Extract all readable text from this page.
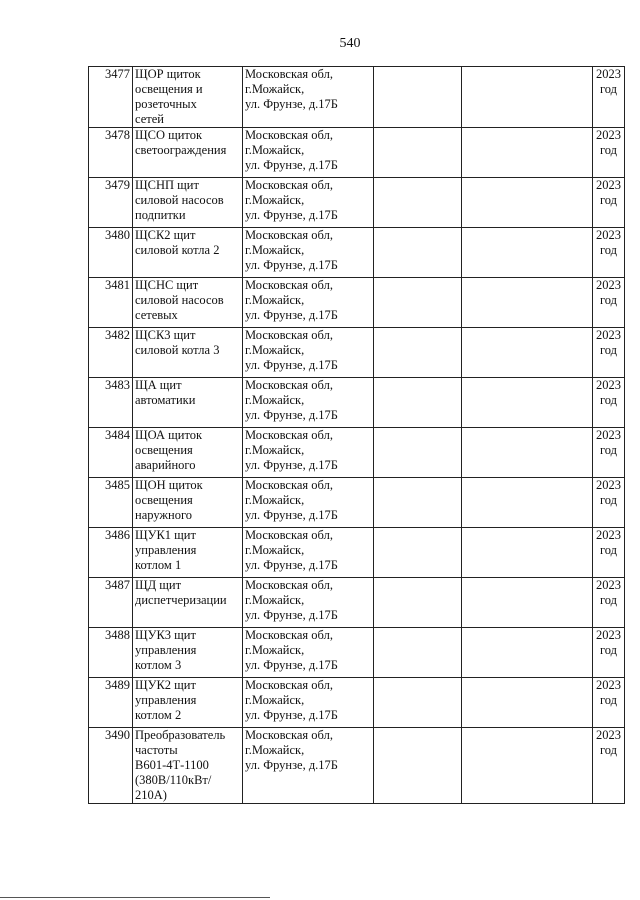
540
3477	ЩОР щиток
освещения и
розеточных
сетей	Московская обл,
г.Можайск,
ул. Фрунзе, д.17Б			2023
год

3478	ЩСО щиток
светоограждения	Московская обл,
г.Можайск,
ул. Фрунзе, д.17Б			2023
год

3479	ЩСНП щит
силовой насосов
подпитки	Московская обл,
г.Можайск,
ул. Фрунзе, д.17Б			2023
год

3480	ЩСК2 щит
силовой котла 2	Московская обл,
г.Можайск,
ул. Фрунзе, д.17Б			2023
год

3481	ЩСНС щит
силовой насосов
сетевых	Московская обл,
г.Можайск,
ул. Фрунзе, д.17Б			2023
год

3482	ЩСК3 щит
силовой котла 3	Московская обл,
г.Можайск,
ул. Фрунзе, д.17Б			2023
год

3483	ЩА щит
автоматики	Московская обл,
г.Можайск,
ул. Фрунзе, д.17Б			2023
год

3484	ЩОА щиток
освещения
аварийного	Московская обл,
г.Можайск,
ул. Фрунзе, д.17Б			2023
год

3485	ЩОН щиток
освещения
наружного	Московская обл,
г.Можайск,
ул. Фрунзе, д.17Б			2023
год

3486	ЩУК1 щит
управления
котлом 1	Московская обл,
г.Можайск,
ул. Фрунзе, д.17Б			2023
год

3487	ЩД щит
диспетчеризации	Московская обл,
г.Можайск,
ул. Фрунзе, д.17Б			2023
год

3488	ЩУК3 щит
управления
котлом 3	Московская обл,
г.Можайск,
ул. Фрунзе, д.17Б			2023
год

3489	ЩУК2 щит
управления
котлом 2	Московская обл,
г.Можайск,
ул. Фрунзе, д.17Б			2023
год

3490	Преобразователь
частоты
В601-4Т-1100
(380В/110кВт/
210А)	Московская обл,
г.Можайск,
ул. Фрунзе, д.17Б			2023
год
